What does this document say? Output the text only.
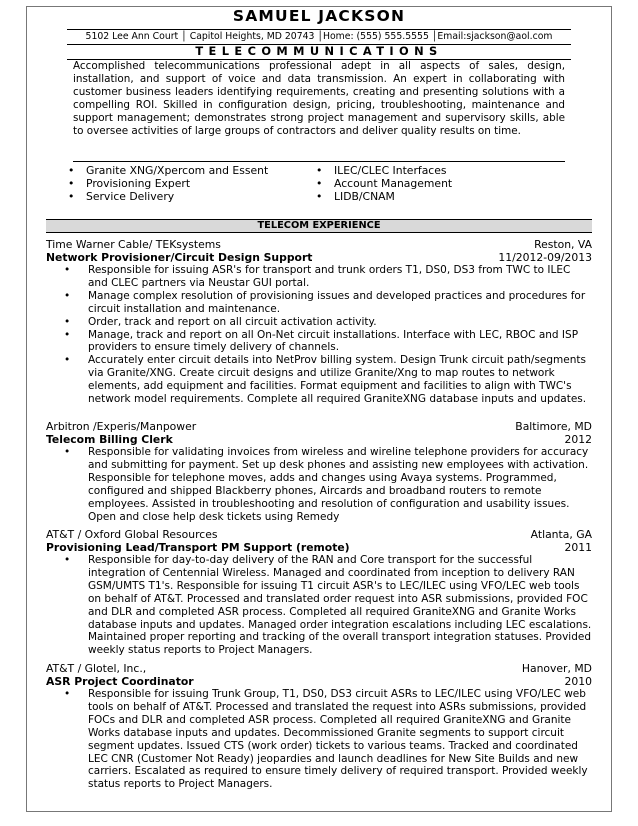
SAMUEL JACKSON
5102 Lee Ann Court │ Capitol Heights, MD 20743 │Home: (555) 555.5555 │Email:sjackson@aol.com
TELECOMMUNICATIONS
Accomplished telecommunications professional adept in all aspects of sales, design, installation, and support of voice and data transmission. An expert in collaborating with customer business leaders identifying requirements, creating and presenting solutions with a compelling ROI. Skilled in configuration design, pricing, troubleshooting, maintenance and support management; demonstrates strong project management and supervisory skills, able to oversee activities of large groups of contractors and deliver quality results on time.
• Granite XNG/Xpercom and Essent
• Provisioning Expert
• Service Delivery
• ILEC/CLEC Interfaces
• Account Management
• LIDB/CNAM
TELECOM EXPERIENCE
Time Warner Cable/ TEKsystems	Reston, VA
Network Provisioner/Circuit Design Support	11/2012-09/2013
• Responsible for issuing ASR's for transport and trunk orders T1, DS0, DS3 from TWC to ILEC and CLEC partners via Neustar GUI portal.
• Manage complex resolution of provisioning issues and developed practices and procedures for circuit installation and maintenance.
• Order, track and report on all circuit activation activity.
• Manage, track and report on all On-Net circuit installations. Interface with LEC, RBOC and ISP providers to ensure timely delivery of channels.
• Accurately enter circuit details into NetProv billing system. Design Trunk circuit path/segments via Granite/XNG. Create circuit designs and utilize Granite/Xng to map routes to network elements, add equipment and facilities. Format equipment and facilities to align with TWC's network model requirements. Complete all required GraniteXNG database inputs and updates.
Arbitron /Experis/Manpower	Baltimore, MD
Telecom Billing Clerk	2012
• Responsible for validating invoices from wireless and wireline telephone providers for accuracy and submitting for payment. Set up desk phones and assisting new employees with activation. Responsible for telephone moves, adds and changes using Avaya systems. Programmed, configured and shipped Blackberry phones, Aircards and broadband routers to remote employees. Assisted in troubleshooting and resolution of configuration and usability issues. Open and close help desk tickets using Remedy
AT&T / Oxford Global Resources	Atlanta, GA
Provisioning Lead/Transport PM Support (remote)	2011
• Responsible for day-to-day delivery of the RAN and Core transport for the successful integration of Centennial Wireless. Managed and coordinated from inception to delivery RAN GSM/UMTS T1's. Responsible for issuing T1 circuit ASR's to LEC/ILEC using VFO/LEC web tools on behalf of AT&T. Processed and translated order request into ASR submissions, provided FOC and DLR and completed ASR process. Completed all required GraniteXNG and Granite Works database inputs and updates. Managed order integration escalations including LEC escalations. Maintained proper reporting and tracking of the overall transport integration statuses. Provided weekly status reports to Project Managers.
AT&T / Glotel, Inc.,	Hanover, MD
ASR Project Coordinator	2010
• Responsible for issuing Trunk Group, T1, DS0, DS3 circuit ASRs to LEC/ILEC using VFO/LEC web tools on behalf of AT&T. Processed and translated the request into ASRs submissions, provided FOCs and DLR and completed ASR process. Completed all required GraniteXNG and Granite Works database inputs and updates. Decommissioned Granite segments to support circuit segment updates. Issued CTS (work order) tickets to various teams. Tracked and coordinated LEC CNR (Customer Not Ready) jeopardies and launch deadlines for New Site Builds and new carriers. Escalated as required to ensure timely delivery of required transport. Provided weekly status reports to Project Managers.
